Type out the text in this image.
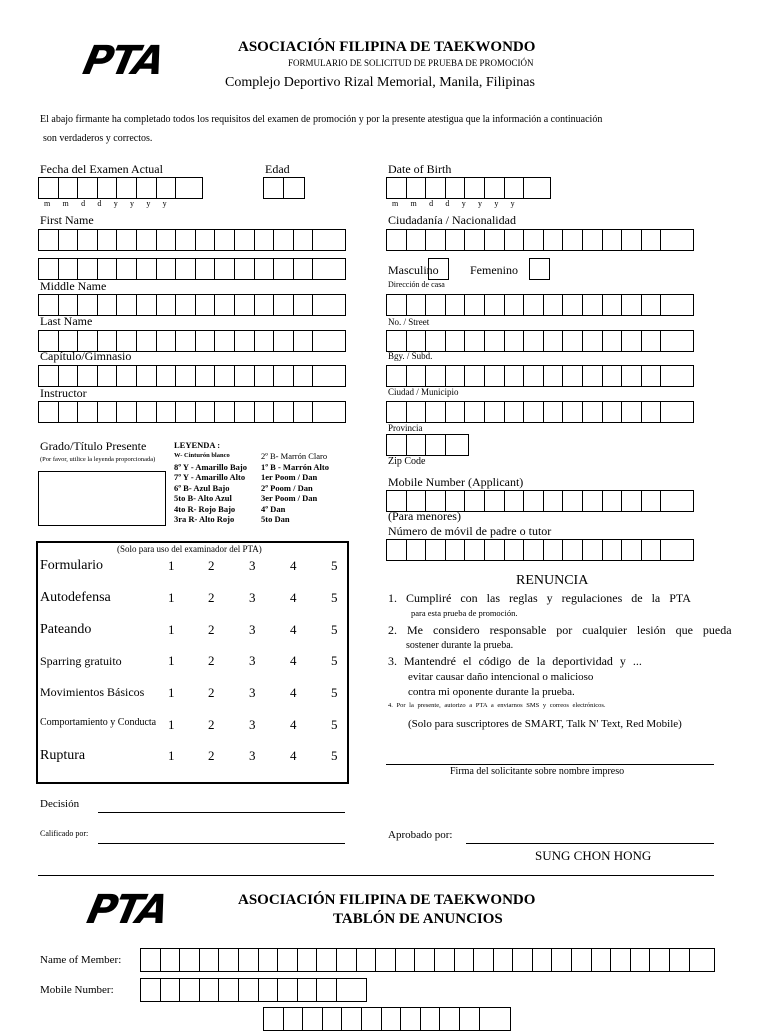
PTA	ASOCIACIÓN FILIPINA DE TAEKWONDO
FORMULARIO DE SOLICITUD DE PRUEBA DE PROMOCIÓN
Complejo Deportivo Rizal Memorial, Manila, Filipinas
El abajo firmante ha completado todos los requisitos del examen de promoción y por la presente atestigua que la información a continuación
son verdaderos y correctos.
Fecha del Examen Actual
mmddyyyy
Edad
First Name
Middle Name
Last Name
Capítulo/Gimnasio
Instructor
Grado/Título Presente
(Por favor, utilice la leyenda proporcionada)
LEYENDA :
W- Cinturón blanco
8º Y - Amarillo Bajo
7º Y - Amarillo Alto
6º B- Azul Bajo
5to B- Alto Azul
4to R- Rojo Bajo
3ra R- Alto Rojo
2º B- Marrón Claro
1º B - Marrón Alto
1er Poom / Dan
2º Poom / Dan
3er Poom / Dan
4º Dan
5to Dan
(Solo para uso del examinador del PTA)
Formulario	1	2	3	4	5
Autodefensa	1	2	3	4	5
Pateando	1	2	3	4	5
Sparring gratuito	1	2	3	4	5
Movimientos Básicos 1	2	3	4	5
Comportamiento y Conducta 1	2	3	4	5
Ruptura	1	2	3	4	5
Date of Birth
mmddyyyy
Ciudadanía / Nacionalidad
Masculino	Femenino
Dirección de casa
No. / Street
Bgy. / Subd.
Ciudad / Municipio
Provincia
Zip Code
Mobile Number (Applicant)
(Para menores)
Número de móvil de padre o tutor
RENUNCIA
1. Cumpliré con las reglas y regulaciones de la PTA
para esta prueba de promoción.
2. Me considero responsable por cualquier lesión que pueda
sostener durante la prueba.
3. Mantendré el código de la deportividad y ...
evitar causar daño intencional o malicioso
contra mi oponente durante la prueba.
4. Por la presente, autorizo a PTA a enviarnos SMS y correos electrónicos.
(Solo para suscriptores de SMART, Talk N' Text, Red Mobile)
Firma del solicitante sobre nombre impreso
Decisión
Calificado por:	Aprobado por:
SUNG CHON HONG
PTA	ASOCIACIÓN FILIPINA DE TAEKWONDO
TABLÓN DE ANUNCIOS
Name of Member:
Mobile Number:
